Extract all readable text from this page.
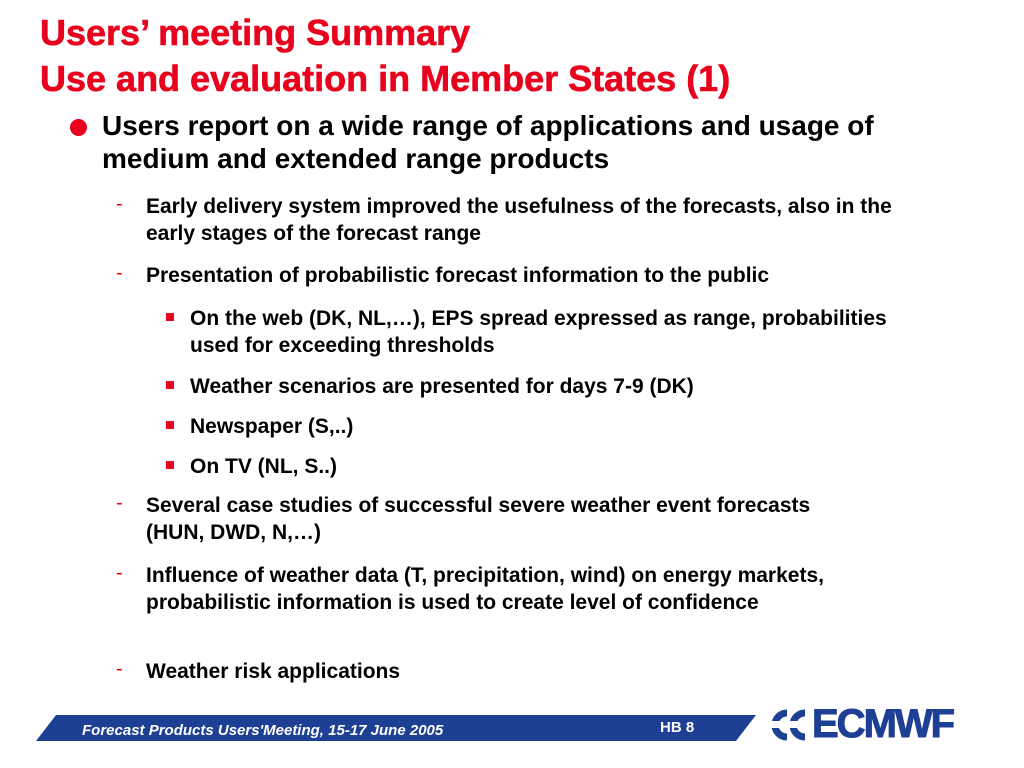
Users’ meeting Summary
Use and evaluation in Member States (1)
Users report on a wide range of applications and usage of medium and extended range products
- Early delivery system improved the usefulness of the forecasts, also in the early stages of the forecast range
- Presentation of probabilistic forecast information to the public
On the web (DK, NL,…), EPS spread expressed as range, probabilities used for exceeding thresholds
Weather scenarios are presented for days 7-9 (DK)
Newspaper (S,..)
On TV (NL, S..)
- Several case studies of successful severe weather event forecasts (HUN, DWD, N,…)
- Influence of weather data (T, precipitation, wind) on energy markets, probabilistic information is used to create level of confidence
- Weather risk applications
Forecast Products Users'Meeting, 15-17 June 2005	HB 8	ECMWF
